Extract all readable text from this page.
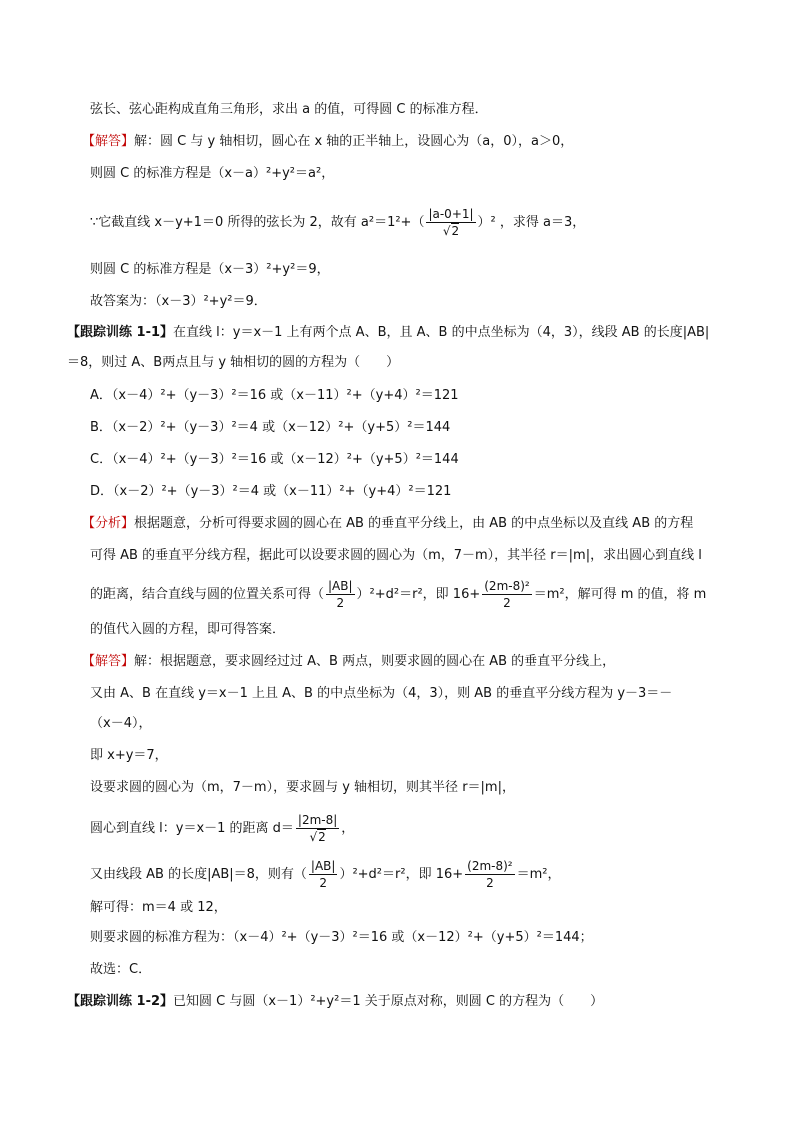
弦长、弦心距构成直角三角形，求出 a 的值，可得圆 C 的标准方程．
【解答】解：圆 C 与 y 轴相切，圆心在 x 轴的正半轴上，设圆心为（a，0），a＞0，
则圆 C 的标准方程是（x－a）²+y²＝a²，
∵它截直线 x－y+1＝0 所得的弦长为 2，故有 $a^2=1^2+( \frac{|a-0+1|}{√2} )^2$ ，求得 a＝3，
则圆 C 的标准方程是（x－3）²+y²＝9，
故答案为：（x－3）²+y²＝9．
【跟踪训练 1-1】在直线 l：y＝x－1 上有两个点 A、B，且 A、B 的中点坐标为（4，3），线段 AB 的长度|AB|
＝8，则过 A、B两点且与 y 轴相切的圆的方程为（　　）
A．（x－4）²+（y－3）²＝16 或（x－11）²+（y+4）²＝121
B．（x－2）²+（y－3）²＝4 或（x－12）²+（y+5）²＝144
C．（x－4）²+（y－3）²＝16 或（x－12）²+（y+5）²＝144
D．（x－2）²+（y－3）²＝4 或（x－11）²+（y+4）²＝121
【分析】根据题意，分析可得要求圆的圆心在 AB 的垂直平分线上，由 AB 的中点坐标以及直线 AB 的方程
可得 AB 的垂直平分线方程，据此可以设要求圆的圆心为（m，7－m），其半径 r＝|m|，求出圆心到直线 l
的距离，结合直线与圆的位置关系可得（ $\frac{|AB|}{2} )^2+d^2=r^2$，即 $16+ \frac{\text{(2m-8)²}}{2} =m^2$，解可得 m 的值，将 m
的值代入圆的方程，即可得答案．
【解答】解：根据题意，要求圆经过过 A、B 两点，则要求圆的圆心在 AB 的垂直平分线上，
又由 A、B 在直线 y＝x－1 上且 A、B 的中点坐标为（4，3），则 AB 的垂直平分线方程为 y－3＝－
（x－4），
即 x+y＝7，
设要求圆的圆心为（m，7－m），要求圆与 y 轴相切，则其半径 r＝|m|，
圆心到直线 l：y＝x－1 的距离 $d= \frac{|2m-8|}{√2}$ ，
又由线段 AB 的长度|AB|＝8，则有（ $\frac{|AB|}{2} )^2+d^2=r^2$，即 $16+ \frac{\text{(2m-8)²}}{2} =m^2$，
解可得：m＝4 或 12，
则要求圆的标准方程为：（x－4）²+（y－3）²＝16 或（x－12）²+（y+5）²＝144；
故选：C．
【跟踪训练 1-2】已知圆 C 与圆（x－1）²+y²＝1 关于原点对称，则圆 C 的方程为（　　）
